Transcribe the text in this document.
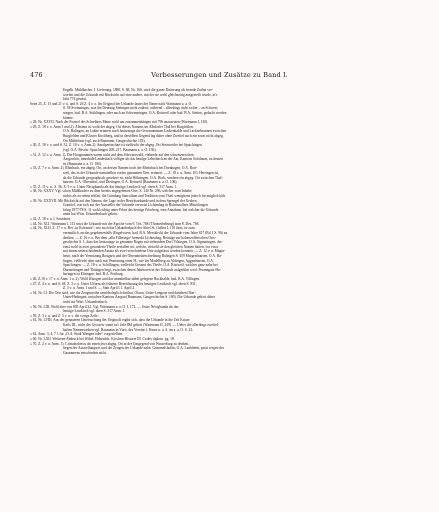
476	Verbesserungen und Zusätze zu Band I.
Engelb. Mühlbacher, I. Lieferung, 1880, S. 68, Nr. 166, wird die ganze Datierung als fremde Zuthat ver-
worfen und die Urkunde mit Rücksicht auf eine andere, mit der sie wohl gleichzeitig ausgestellt wurde, in's
Jahr 774 gesetzt.
Seite 25, Z. 15 und 21 v. u. und S. 26 Z. 4 v. o. Im Original der Urkunde lautet der Name nach Wartmann a. a. O.
S. 58 Sveinningas, was die Deutung Steinigen nicht zulässt; während – allerdings nicht sicher – an Schwen-
ningen, bad. B.A. Stühlingen, oder auch an Schwenningen, O.A. Rottweil oder bad. B.A. Stetten, gedacht werden
könnte.
» 28, Nr. XXVII. Nach der Formel des Schreibers Mano wohl um zusammenhängen mit 796 anzusetzen (Wartmann I, 130).
» 29, Z. 18 v. o. Anm 1 und 2). Albstein ist wohl der abgeg. Ort dieses Namens im Albdorfer Thal bei Burgfelden,
O.A. Balingen, an Lakke erinnert noch heutzutage die Gewannnamen Lackenhalde und Lackenbrunnen zwischen
Burgfelden und Kloster Kirchberg, und in derselben Gegend lag daher ohne Zweifel auch ein sonst nicht abgeg.
Ort Mühlebain (vgl. auch Baumann, Gaugeschichte 183).
» 30, Z. 18 v. o. und S. 31, Z. 10 v. o. Anm 2). Amalpertinchart ist vielleicht der abgeg. Ort Steinweiler bei Spaichingen
(vgl. O.A. Beschr. Spaichingen 208–217, Baumann a. a. O. 136).
» 31, Z. 12 v. u. Anm. 1). Die Hoogmannen waren nicht auf dem Schwarzwald, vielmehr auf den schweizerischen
Aargau hin, innerhalb Landesbach völliger als das heutige Leberbach an der Aar, Kantons Solothurn, zu deuten
ist (Baumann a. a. O. 106).
» 33, Z. 7 v. u. Anm. 2). Rhinbach, ein abgeg. Ort, an dessen Namen noch der Rheinbach bei Dornhagen, O.A. Rott-
weil, das in der Urkunde unmittelbar vorher genannten Orte, erinnert. — Z. 18 v. u. Anm. 10). Herringen ist,
da die Urkunde geographisch geordnet ist, nicht Höhringen, O.A. Horb, sondern ein abgeg. Ort zwischen Thal-
hausen, O.A. Oberndorf, und Dietingen, O.A. Rottweil (Baumann a. a. O. 106).
» 35, Z. 11 v. u., S. 36, Z. 9 v. u. Unter Nécigbunda als das heutige Leutkirch vgl. oben S. 317 Anm. 1.
» 38, Nr. XXXV. Vgl. schon Mühlbacher zu dem bereits angegebenen Orte, S. 140 Nr. 296, welcher vom Inhalte
nichts als zu retten erklärt, die Grindung Sancolium und Tradition vom Theil wenigstens jedoch für möglich hält.
» 39, Nr. XXXVII. Mit Rücksicht auf den Namen, der Lage in der Bezirksurkunde und in dem Sprengel der Gruben
Graufiel, von sich auf der Aussteller der Urkunde verweist Lichtenhag in Hohenzollern Mitteilungen
Jahrg 1877/78 S. 11 wohl richtig unter Frlart das heutige Frlorberg, eine Annahme, bei welcher die Urkunde
unter hat Würt. Urkundenbuch gehört.
» 42, Z. 18 v. u. l. Sonnborn.
» 44, Nr. XLI. Wartmann I, 113 setzt die Urkunde mit der Epoche vom 9. Oct. 768 (Thronerhebung) zum 8. Dez. 768.
» 44, Nr. XLII. Z. 17 v. u. Bei „in Kolonnis“, wie auch das Urkundenbuch der Abtei St. Gallen I, 118 lässt, ist zum
vermutlich, an das gegebenenfalls (Engelwiese, bad. B.A. Messkirch) der Urkunde vom Jahre 817 (Bd. I S. 96) zu
denken. — Z. 16 v. u. Bei dem „alla Filleringa“ bemerkt Lichtenhag, Beiträge zur hohenzollerischen Orts-
geschichte S. 1, dass das heutzutage so genannte Rogen mit stehendem Dorf Vilsingen, O.A. Sigmaringen, der-
einst wohl in zwei gesonderte Theile zerfallen sei, welche, obwohl sie den gleichen Namen hatten, vor etwa
mit einem unterscheidenden Zusatz als zwei verschiedene Orte aufgefasst werden konnten. — Z. 12 v. u. Magin-
heuir, nach der Vermutung Rougarts und der Oberamtsbeschreibung Balingen S. 459 Margrethausen, O.A. Ba-
lingen, vielleicht aber auch mit Vermutung einer H., wie bei Madelberg zu Aldingen, Aggenhausen, O.A.
Spaichingen. — Z. 18 v. u. Schillingen, vielleicht Gesamt des Theile, O.A. Rottweil, welches ganz nahe bei
Durmettingen und Thäingen liegt, zwischen denen Jahrhoren in der Urkunde aufgeführt wird. Peranngatz Ho-
heringen ist Ehringen, bad. B.A. Freiburg.
» 46, Z.18 v. 17 v. u. Anm. 1 u. 2). Wohl Kluogen und das unmittelbar dabei gelegene Ruckhalde, bad. B.A. Villingen.
» 47, Z. 4 v. u. und S. 48, Z. 3 v. u. Unter Ulfurra als früherer Bezeichnung des heutigen Leutkirch vgl. oben S. 831,
Z. 3 v. u. Anm. 1 und S. — Statt April l. l. April 2.
» 54, Nr. LI. Die Orte sind, wie die Zeugenreihe unwiderleglich darthut, Ohorn, Unter-Lengone und daneben Ober-
Unter-Hedingen, zwischen Kantons Aargau (Baumann, Gaugeschichte S. 160). Die Urkunde gehört daher
nicht ins Würt. Urkundenbuch.
» 56, Nr. LIII. Wohl eher von 805 April 22. Vgl. Wartmann a. a. O. I, 172. — Unter Nécigbunda als das
heutige Leutkirch vgl. oben S. 317 Anm. 1.
» 59, Z. 3 v. u. und Z. 5 v. u. s. die vorige Zeile.
» 61, Nr. LVIII. Aus der genaueren Untersuchung des Originals ergibt sich, dass die Urkunde in die Zeit Kaiser
Karls III., nicht des Grossen, somit in's Jahr 884 gehört (Wartmann II, 249). — Ueber die allerdings zweifel-
haften Namensreihen vgl. Baumann in Vurtt. des Vereine f. Kunst u. a. d. im a. a. O. S. 23.
» 62, Anm. 3, 4, 7 l. fur „O.A. Stadt Wangen oder“ vorgestellten.
» 60, Nr. LXII. Weiteren Abdruck bei Wibel, Hohenloh. Kyrchen-Historie III. Codex diplom. pg. 18.
» 70, Z. 2 v. u. Anm. 1). Crimohobercu als einen jetzt abgeg. Ort in der Umgegend von Wasserburg zu denken,
liegen der Ausstellungsort und die Zeugen der Urkunde nahe; Grimmelshofen, O.A. Laubheim, passt wegen des
Gaunamens entschieden nicht.
